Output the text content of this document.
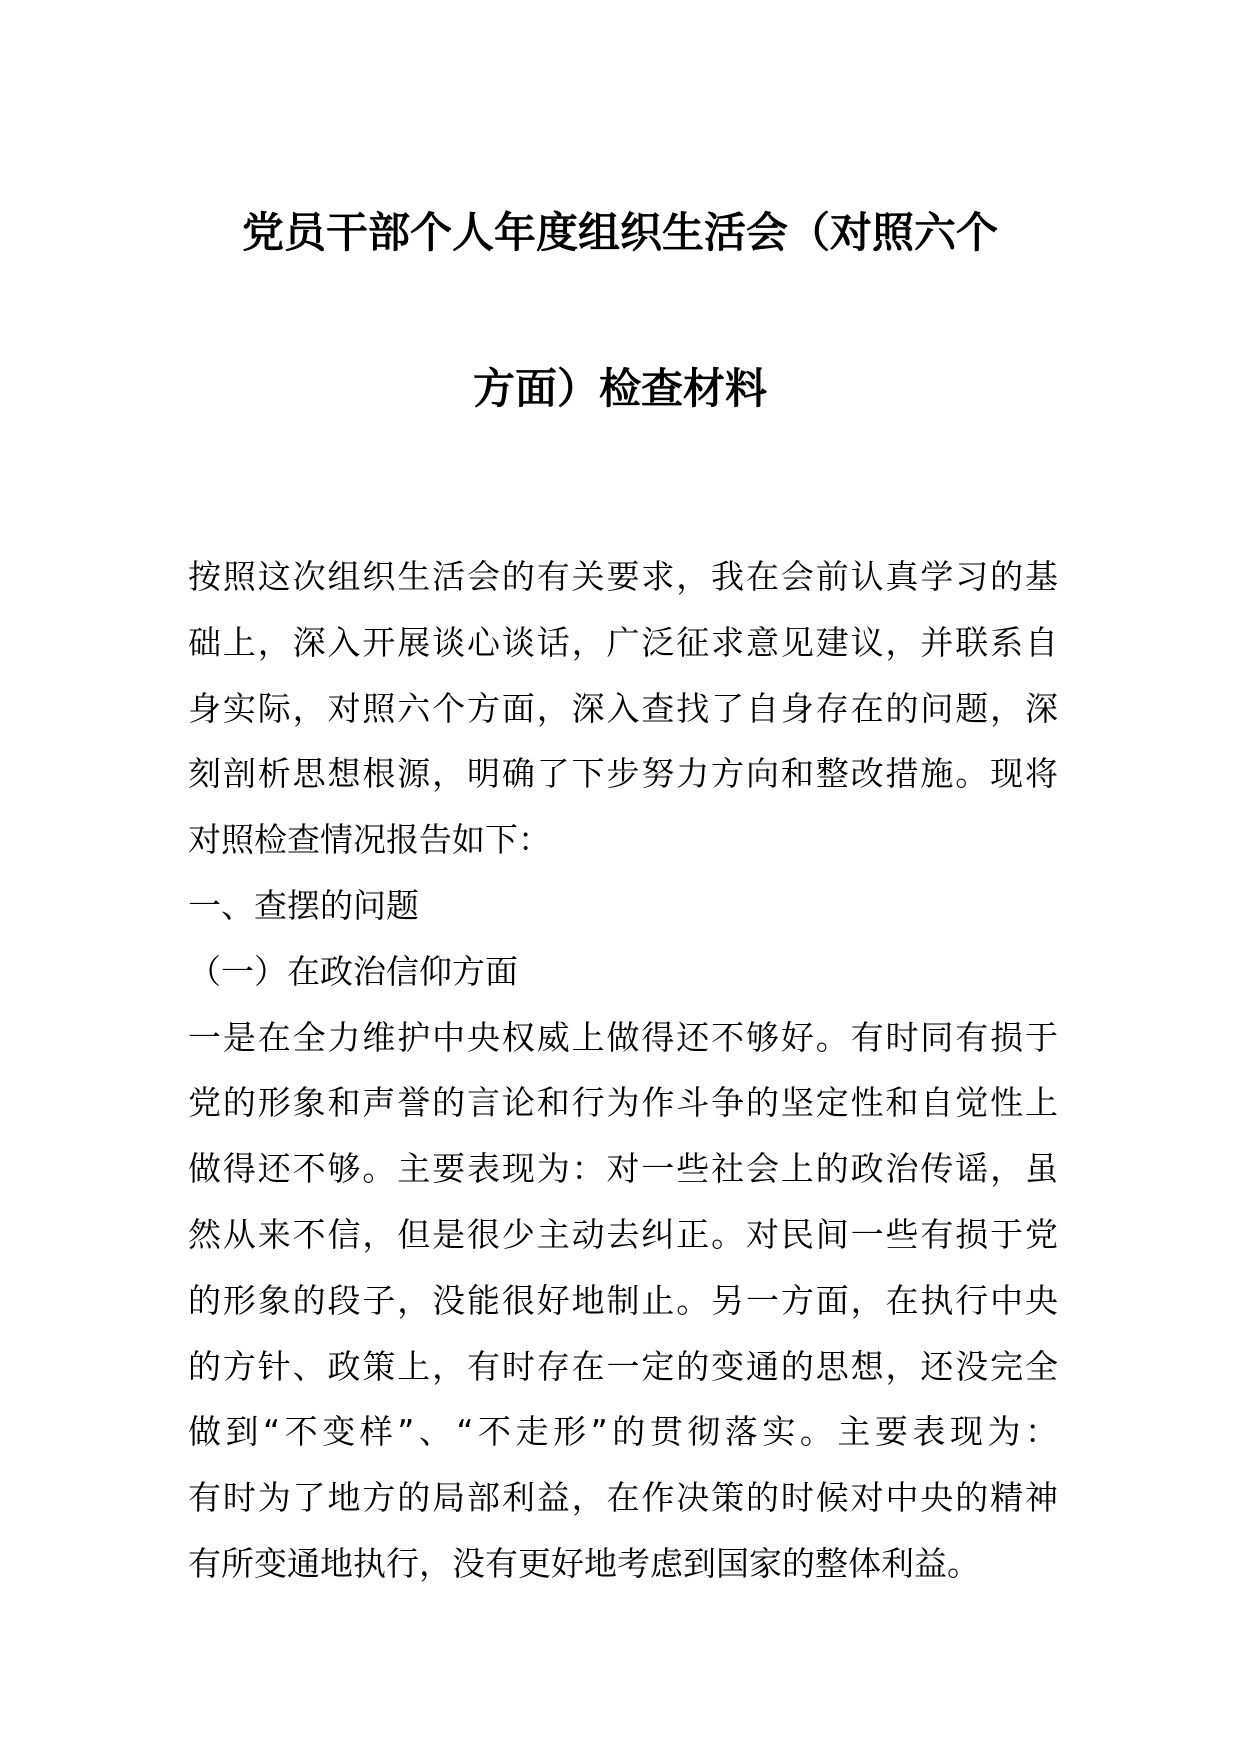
党员干部个人年度组织生活会（对照六个
方面）检查材料
按照这次组织生活会的有关要求，我在会前认真学习的基
础上，深入开展谈心谈话，广泛征求意见建议，并联系自
身实际，对照六个方面，深入查找了自身存在的问题，深
刻剖析思想根源，明确了下步努力方向和整改措施。现将
对照检查情况报告如下：
一、查摆的问题
（一）在政治信仰方面
一是在全力维护中央权威上做得还不够好。有时同有损于
党的形象和声誉的言论和行为作斗争的坚定性和自觉性上
做得还不够。主要表现为：对一些社会上的政治传谣，虽
然从来不信，但是很少主动去纠正。对民间一些有损于党
的形象的段子，没能很好地制止。另一方面，在执行中央
的方针、政策上，有时存在一定的变通的思想，还没完全
做到“不变样”、“不走形”的贯彻落实。主要表现为：
有时为了地方的局部利益，在作决策的时候对中央的精神
有所变通地执行，没有更好地考虑到国家的整体利益。
